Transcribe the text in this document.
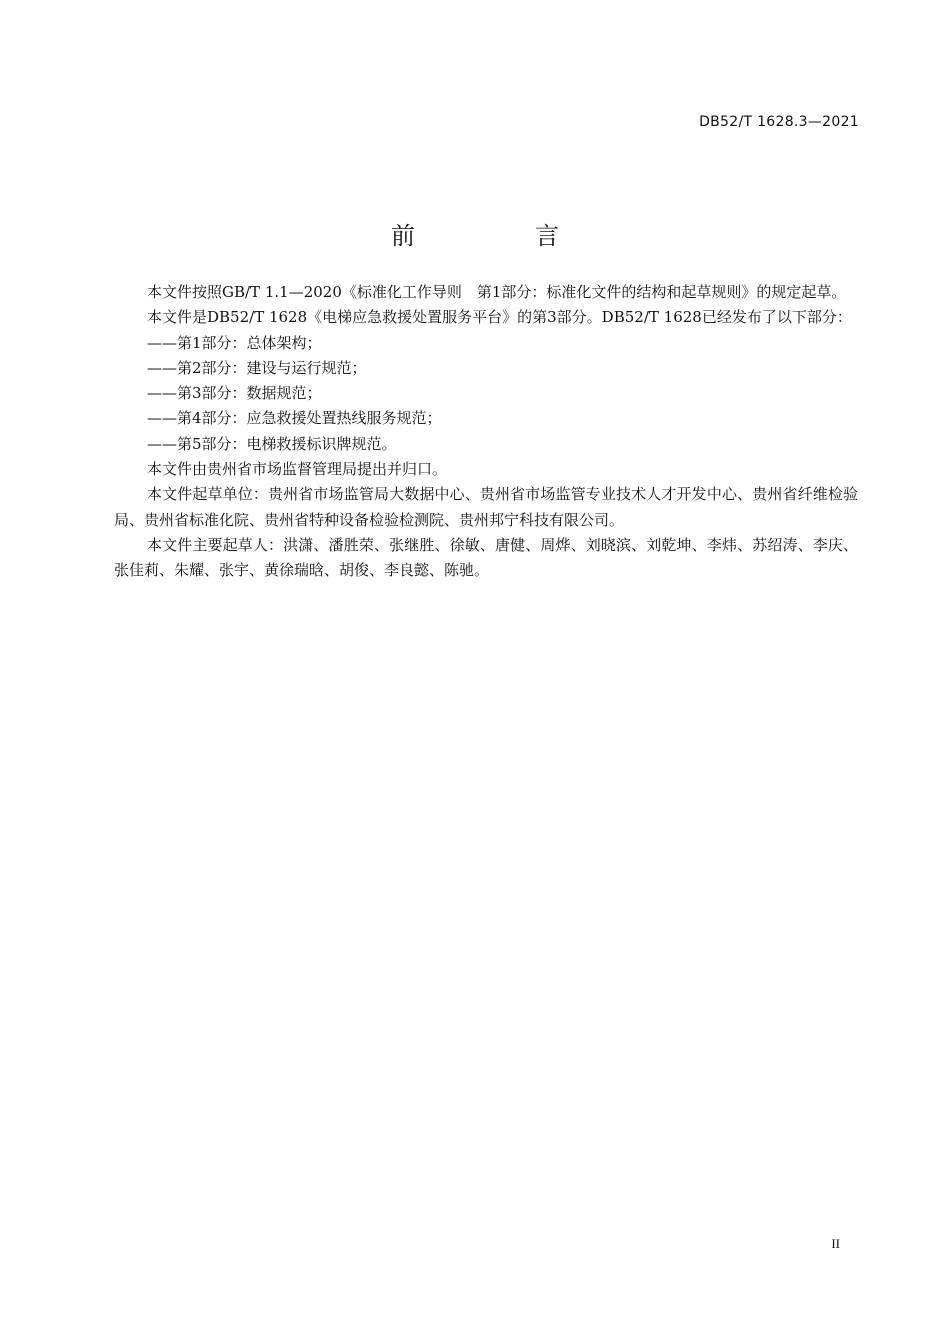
DB52/T 1628.3—2021
前　言

本文件按照GB/T 1.1—2020《标准化工作导则　第1部分：标准化文件的结构和起草规则》的规定起草。

本文件是DB52/T 1628《电梯应急救援处置服务平台》的第3部分。DB52/T 1628已经发布了以下部分：

——第1部分：总体架构；

——第2部分：建设与运行规范；

——第3部分：数据规范；

——第4部分：应急救援处置热线服务规范；

——第5部分：电梯救援标识牌规范。

本文件由贵州省市场监督管理局提出并归口。

本文件起草单位：贵州省市场监管局大数据中心、贵州省市场监管专业技术人才开发中心、贵州省纤维检验局、贵州省标准化院、贵州省特种设备检验检测院、贵州邦宁科技有限公司。

本文件主要起草人：洪潇、潘胜荣、张继胜、徐敏、唐健、周烨、刘晓滨、刘乾坤、李炜、苏绍涛、李庆、张佳莉、朱耀、张宇、黄徐瑞晗、胡俊、李良懿、陈驰。

II
